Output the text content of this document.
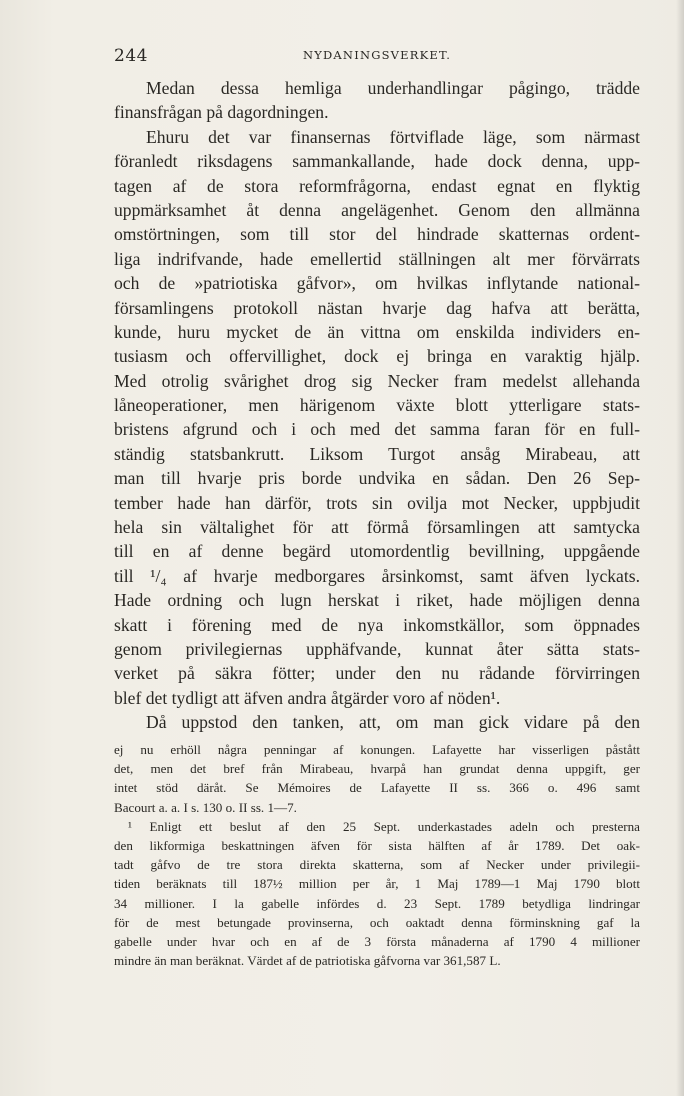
244	NYDANINGSVERKET.
Medan dessa hemliga underhandlingar pågingo, trädde
finansfrågan på dagordningen.
Ehuru det var finansernas förtviflade läge, som närmast
föranledt riksdagens sammankallande, hade dock denna, upp-
tagen af de stora reformfrågorna, endast egnat en flyktig
uppmärksamhet åt denna angelägenhet. Genom den allmänna
omstörtningen, som till stor del hindrade skatternas ordent-
liga indrifvande, hade emellertid ställningen alt mer förvärrats
och de »patriotiska gåfvor», om hvilkas inflytande national-
församlingens protokoll nästan hvarje dag hafva att berätta,
kunde, huru mycket de än vittna om enskilda individers en-
tusiasm och offervillighet, dock ej bringa en varaktig hjälp.
Med otrolig svårighet drog sig Necker fram medelst allehanda
låneoperationer, men härigenom växte blott ytterligare stats-
bristens afgrund och i och med det samma faran för en full-
ständig statsbankrutt. Liksom Turgot ansåg Mirabeau, att
man till hvarje pris borde undvika en sådan. Den 26 Sep-
tember hade han därför, trots sin ovilja mot Necker, uppbjudit
hela sin vältalighet för att förmå församlingen att samtycka
till en af denne begärd utomordentlig bevillning, uppgående
till ¹/₄ af hvarje medborgares årsinkomst, samt äfven lyckats.
Hade ordning och lugn herskat i riket, hade möjligen denna
skatt i förening med de nya inkomstkällor, som öppnades
genom privilegiernas upphäfvande, kunnat åter sätta stats-
verket på säkra fötter; under den nu rådande förvirringen
blef det tydligt att äfven andra åtgärder voro af nöden¹.
Då uppstod den tanken, att, om man gick vidare på den
ej nu erhöll några penningar af konungen. Lafayette har visserligen påstått
det, men det bref från Mirabeau, hvarpå han grundat denna uppgift, ger
intet stöd däråt. Se Mémoires de Lafayette II ss. 366 o. 496 samt
Bacourt a. a. I s. 130 o. II ss. 1—7.
¹ Enligt ett beslut af den 25 Sept. underkastades adeln och presterna
den likformiga beskattningen äfven för sista hälften af år 1789. Det oak-
tadt gåfvo de tre stora direkta skatterna, som af Necker under privilegii-
tiden beräknats till 187½ million per år, 1 Maj 1789—1 Maj 1790 blott
34 millioner. I la gabelle infördes d. 23 Sept. 1789 betydliga lindringar
för de mest betungade provinserna, och oaktadt denna förminskning gaf la
gabelle under hvar och en af de 3 första månaderna af 1790 4 millioner
mindre än man beräknat. Värdet af de patriotiska gåfvorna var 361,587 L.
